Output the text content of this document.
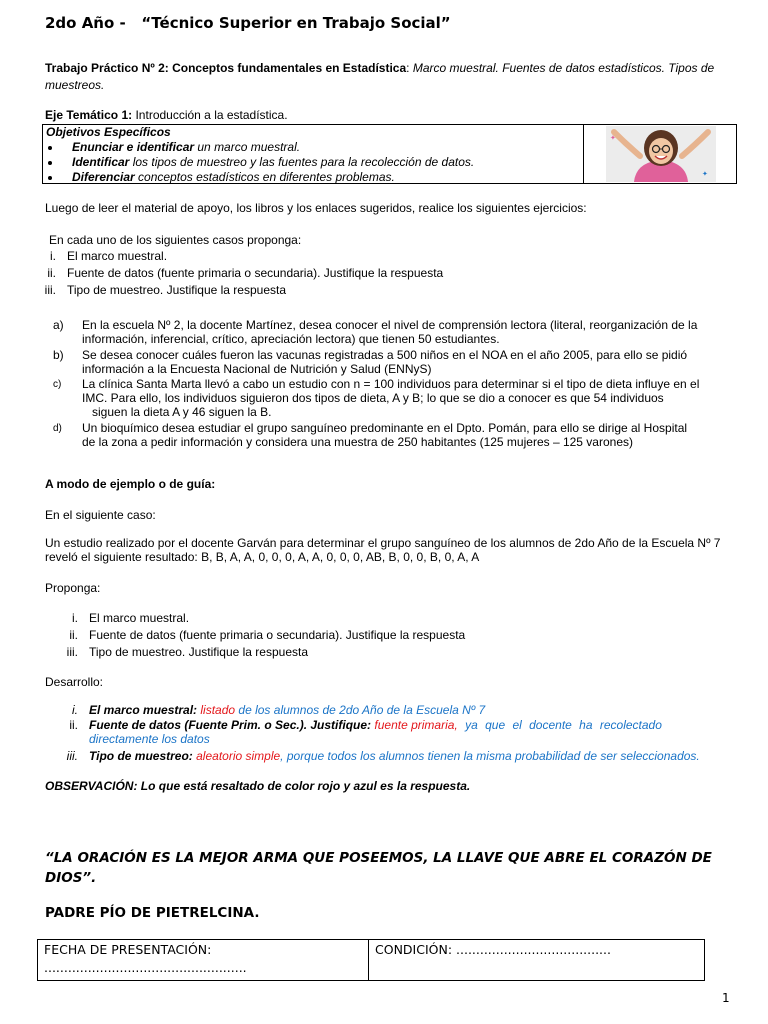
2do Año - “Técnico Superior en Trabajo Social”
Trabajo Práctico Nº 2: Conceptos fundamentales en Estadística: Marco muestral. Fuentes de datos estadísticos. Tipos de muestreos.
Eje Temático 1: Introducción a la estadística.
Objetivos Específicos
• Enunciar e identificar un marco muestral.
• Identificar los tipos de muestreo y las fuentes para la recolección de datos.
• Diferenciar conceptos estadísticos en diferentes problemas.
✦
✦
Luego de leer el material de apoyo, los libros y los enlaces sugeridos, realice los siguientes ejercicios:
En cada uno de los siguientes casos proponga:
i. El marco muestral.
ii. Fuente de datos (fuente primaria o secundaria). Justifique la respuesta
iii. Tipo de muestreo. Justifique la respuesta
a) En la escuela Nº 2, la docente Martínez, desea conocer el nivel de comprensión lectora (literal, reorganización de la
información, inferencial, crítico, apreciación lectora) que tienen 50 estudiantes.
b) Se desea conocer cuáles fueron las vacunas registradas a 500 niños en el NOA en el año 2005, para ello se pidió
información a la Encuesta Nacional de Nutrición y Salud (ENNyS)
c) La clínica Santa Marta llevó a cabo un estudio con n = 100 individuos para determinar si el tipo de dieta influye en el
IMC. Para ello, los individuos siguieron dos tipos de dieta, A y B; lo que se dio a conocer es que 54 individuos
siguen la dieta A y 46 siguen la B.
d) Un bioquímico desea estudiar el grupo sanguíneo predominante en el Dpto. Pomán, para ello se dirige al Hospital
de la zona a pedir información y considera una muestra de 250 habitantes (125 mujeres – 125 varones)
A modo de ejemplo o de guía:
En el siguiente caso:
Un estudio realizado por el docente Garván para determinar el grupo sanguíneo de los alumnos de 2do Año de la Escuela Nº 7
reveló el siguiente resultado: B, B, A, A, 0, 0, 0, A, A, 0, 0, 0, AB, B, 0, 0, B, 0, A, A
Proponga:
i. El marco muestral.
ii. Fuente de datos (fuente primaria o secundaria). Justifique la respuesta
iii. Tipo de muestreo. Justifique la respuesta
Desarrollo:
i. El marco muestral: listado de los alumnos de 2do Año de la Escuela Nº 7
ii. Fuente de datos (Fuente Prim. o Sec.). Justifique: fuente primaria, ya que el docente ha recolectado
directamente los datos
iii. Tipo de muestreo: aleatorio simple, porque todos los alumnos tienen la misma probabilidad de ser seleccionados.
OBSERVACIÓN: Lo que está resaltado de color rojo y azul es la respuesta.
“LA ORACIÓN ES LA MEJOR ARMA QUE POSEEMOS, LA LLAVE QUE ABRE EL CORAZÓN DE
DIOS”.
PADRE PÍO DE PIETRELCINA.
FECHA DE PRESENTACIÓN:
...................................................
CONDICIÓN: .......................................
1
